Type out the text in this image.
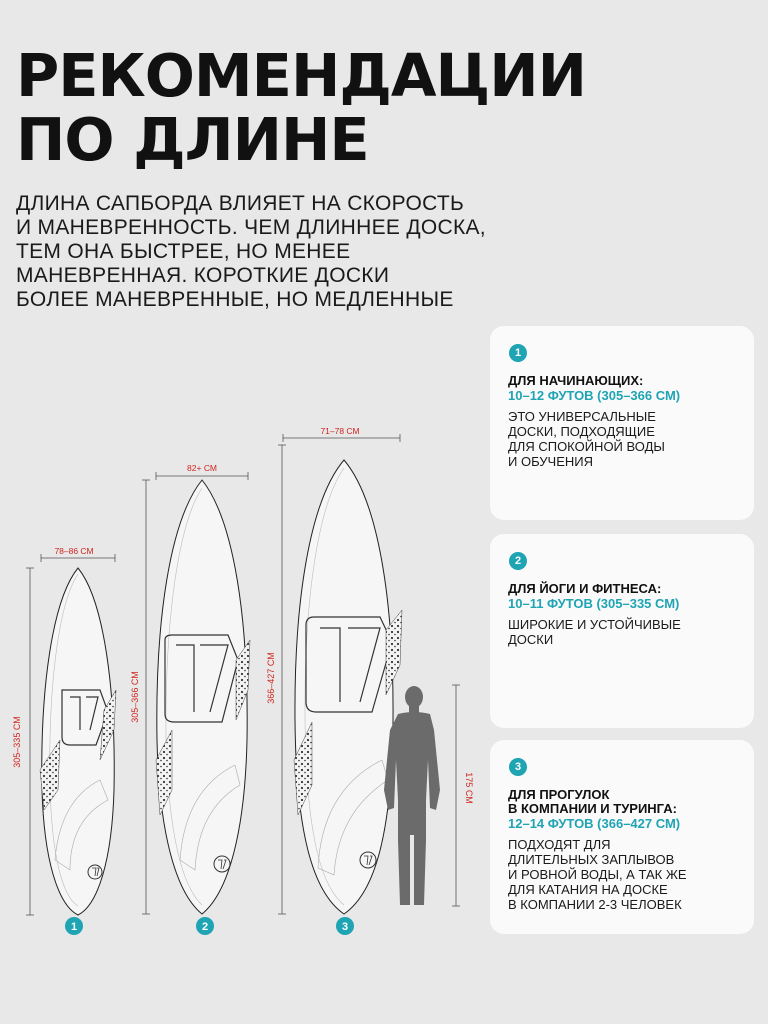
РЕКОМЕНДАЦИИ
ПО ДЛИНЕ

ДЛИНА САПБОРДА ВЛИЯЕТ НА СКОРОСТЬ
И МАНЕВРЕННОСТЬ. ЧЕМ ДЛИННЕЕ ДОСКА,
ТЕМ ОНА БЫСТРЕЕ, НО МЕНЕЕ
МАНЕВРЕННАЯ. КОРОТКИЕ ДОСКИ
БОЛЕЕ МАНЕВРЕННЫЕ, НО МЕДЛЕННЫЕ

78–86 СМ
305–335 СМ
1
82+ СМ
305–366 СМ
2
71–78 СМ
366–427 СМ
3
175 СМ
1
ДЛЯ НАЧИНАЮЩИХ:
10–12 ФУТОВ (305–366 СМ)
ЭТО УНИВЕРСАЛЬНЫЕ
ДОСКИ, ПОДХОДЯЩИЕ
ДЛЯ СПОКОЙНОЙ ВОДЫ
И ОБУЧЕНИЯ
2
ДЛЯ ЙОГИ И ФИТНЕСА:
10–11 ФУТОВ (305–335 СМ)
ШИРОКИЕ И УСТОЙЧИВЫЕ
ДОСКИ
3
ДЛЯ ПРОГУЛОК
В КОМПАНИИ И ТУРИНГА:
12–14 ФУТОВ (366–427 СМ)
ПОДХОДЯТ ДЛЯ
ДЛИТЕЛЬНЫХ ЗАПЛЫВОВ
И РОВНОЙ ВОДЫ, А ТАК ЖЕ
ДЛЯ КАТАНИЯ НА ДОСКЕ
В КОМПАНИИ 2-3 ЧЕЛОВЕК
